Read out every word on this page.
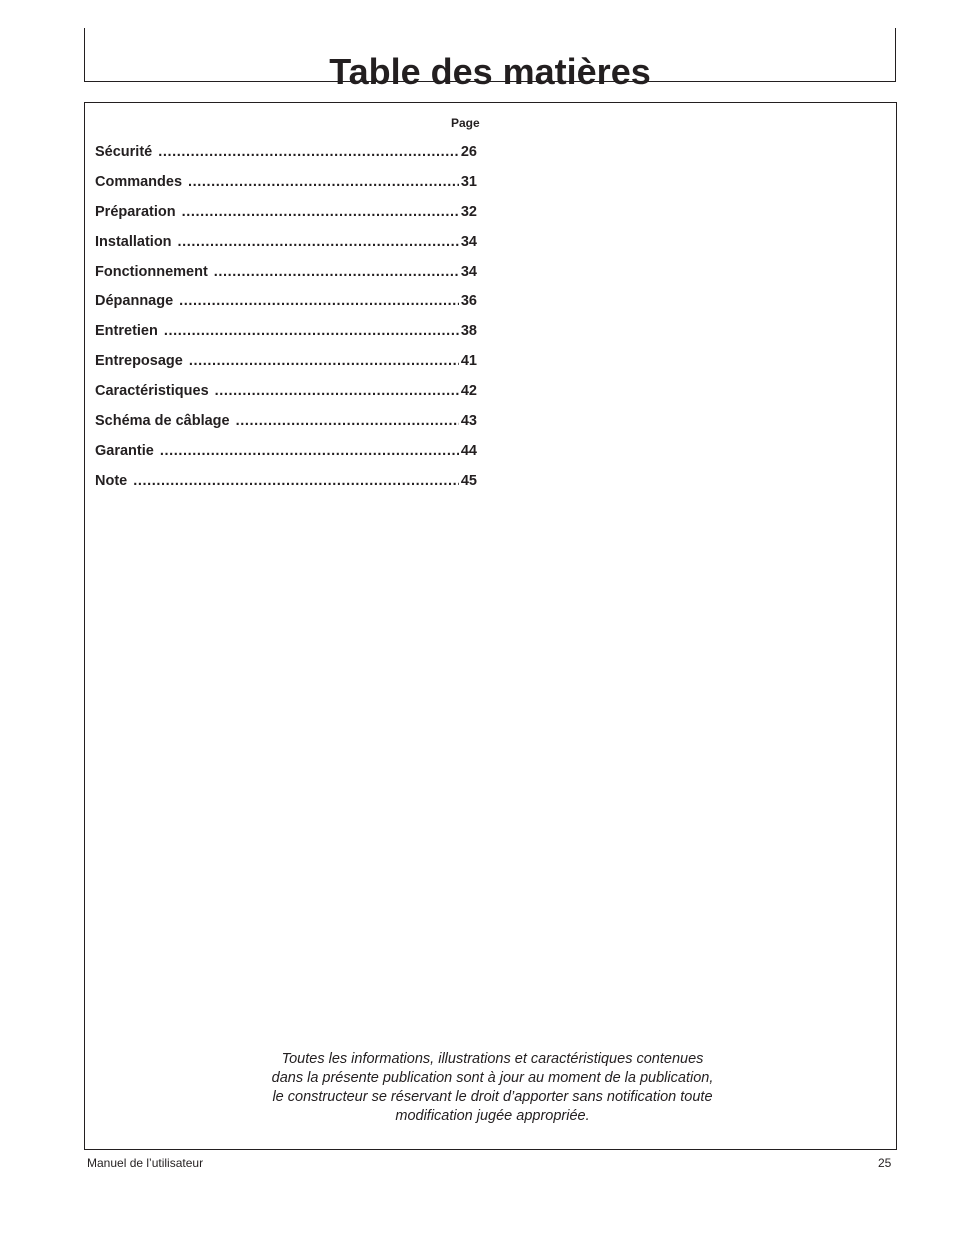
Table des matières
Page
Sécurité .....	26
Commandes .....	31
Préparation .....	32
Installation .....	34
Fonctionnement .....	34
Dépannage .....	36
Entretien .....	38
Entreposage .....	41
Caractéristiques .....	42
Schéma de câblage .....	43
Garantie .....	44
Note .....	45
Toutes les informations, illustrations et caractéristiques contenues
dans la présente publication sont à jour au moment de la publication,
le constructeur se réservant le droit d’apporter sans notification toute
modification jugée appropriée.
Manuel de l’utilisateur	25
